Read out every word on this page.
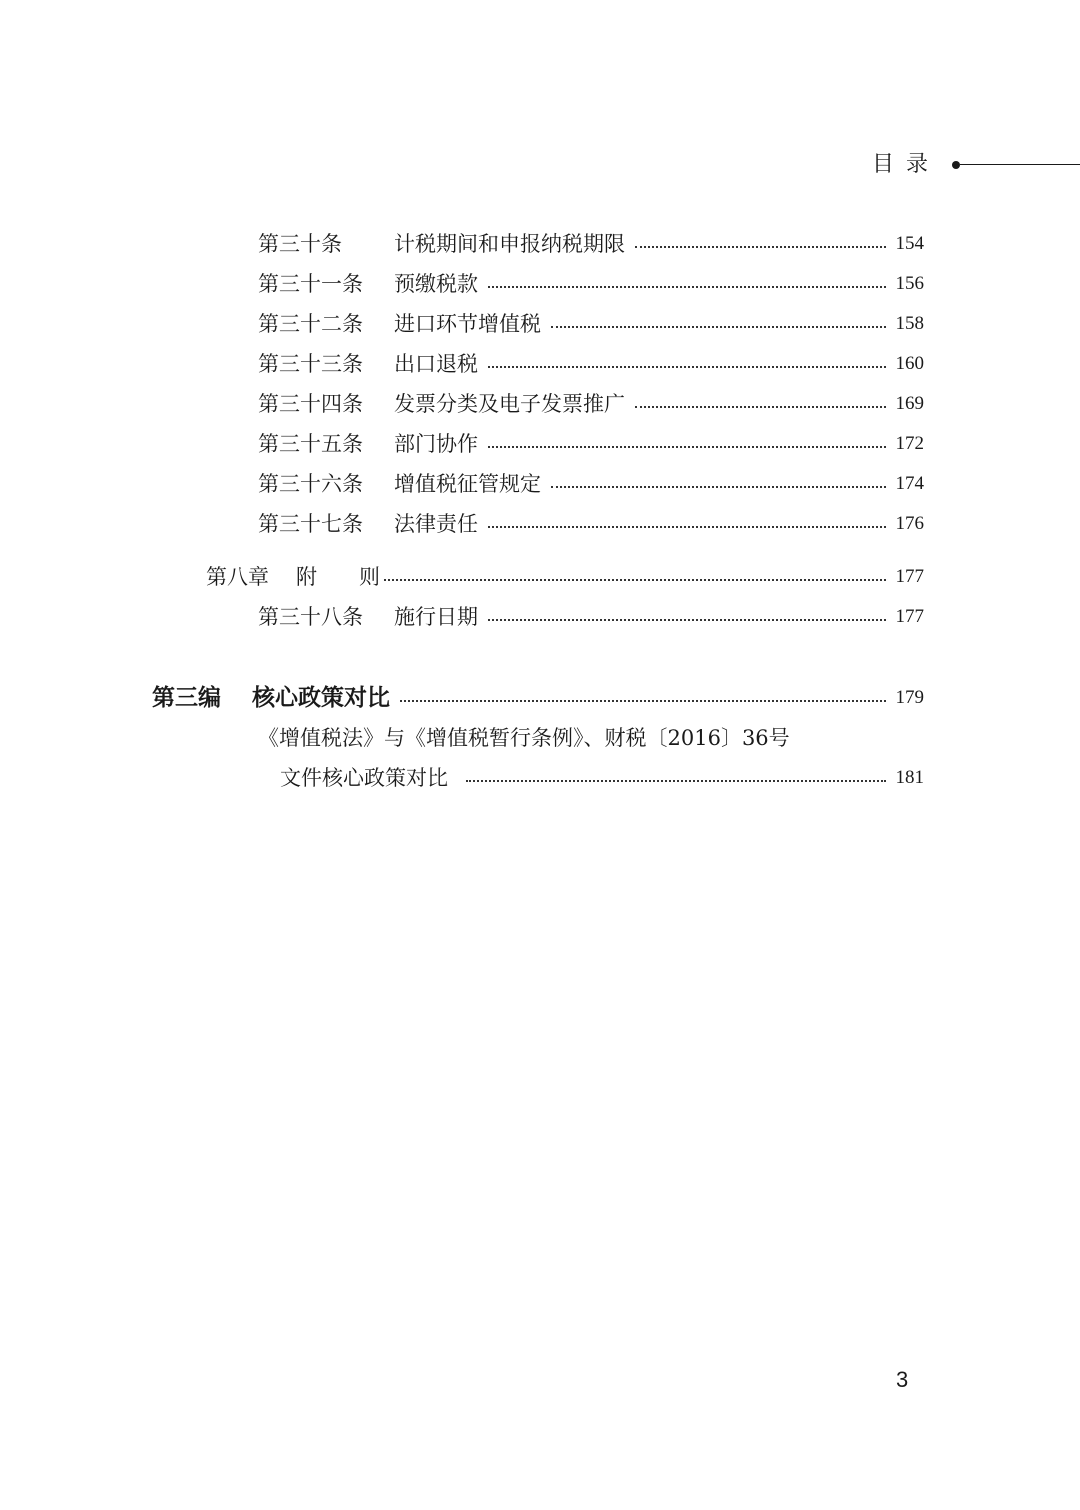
目录
第三十条 计税期间和申报纳税期限	154
第三十一条 预缴税款	156
第三十二条 进口环节增值税	158
第三十三条 出口退税	160
第三十四条 发票分类及电子发票推广	169
第三十五条 部门协作	172
第三十六条 增值税征管规定	174
第三十七条 法律责任	176
第八章 附　　则	177
第三十八条 施行日期	177
第三编 核心政策对比	179
《增值税法》与《增值税暂行条例》、财税〔2016〕36号
文件核心政策对比	181
3
